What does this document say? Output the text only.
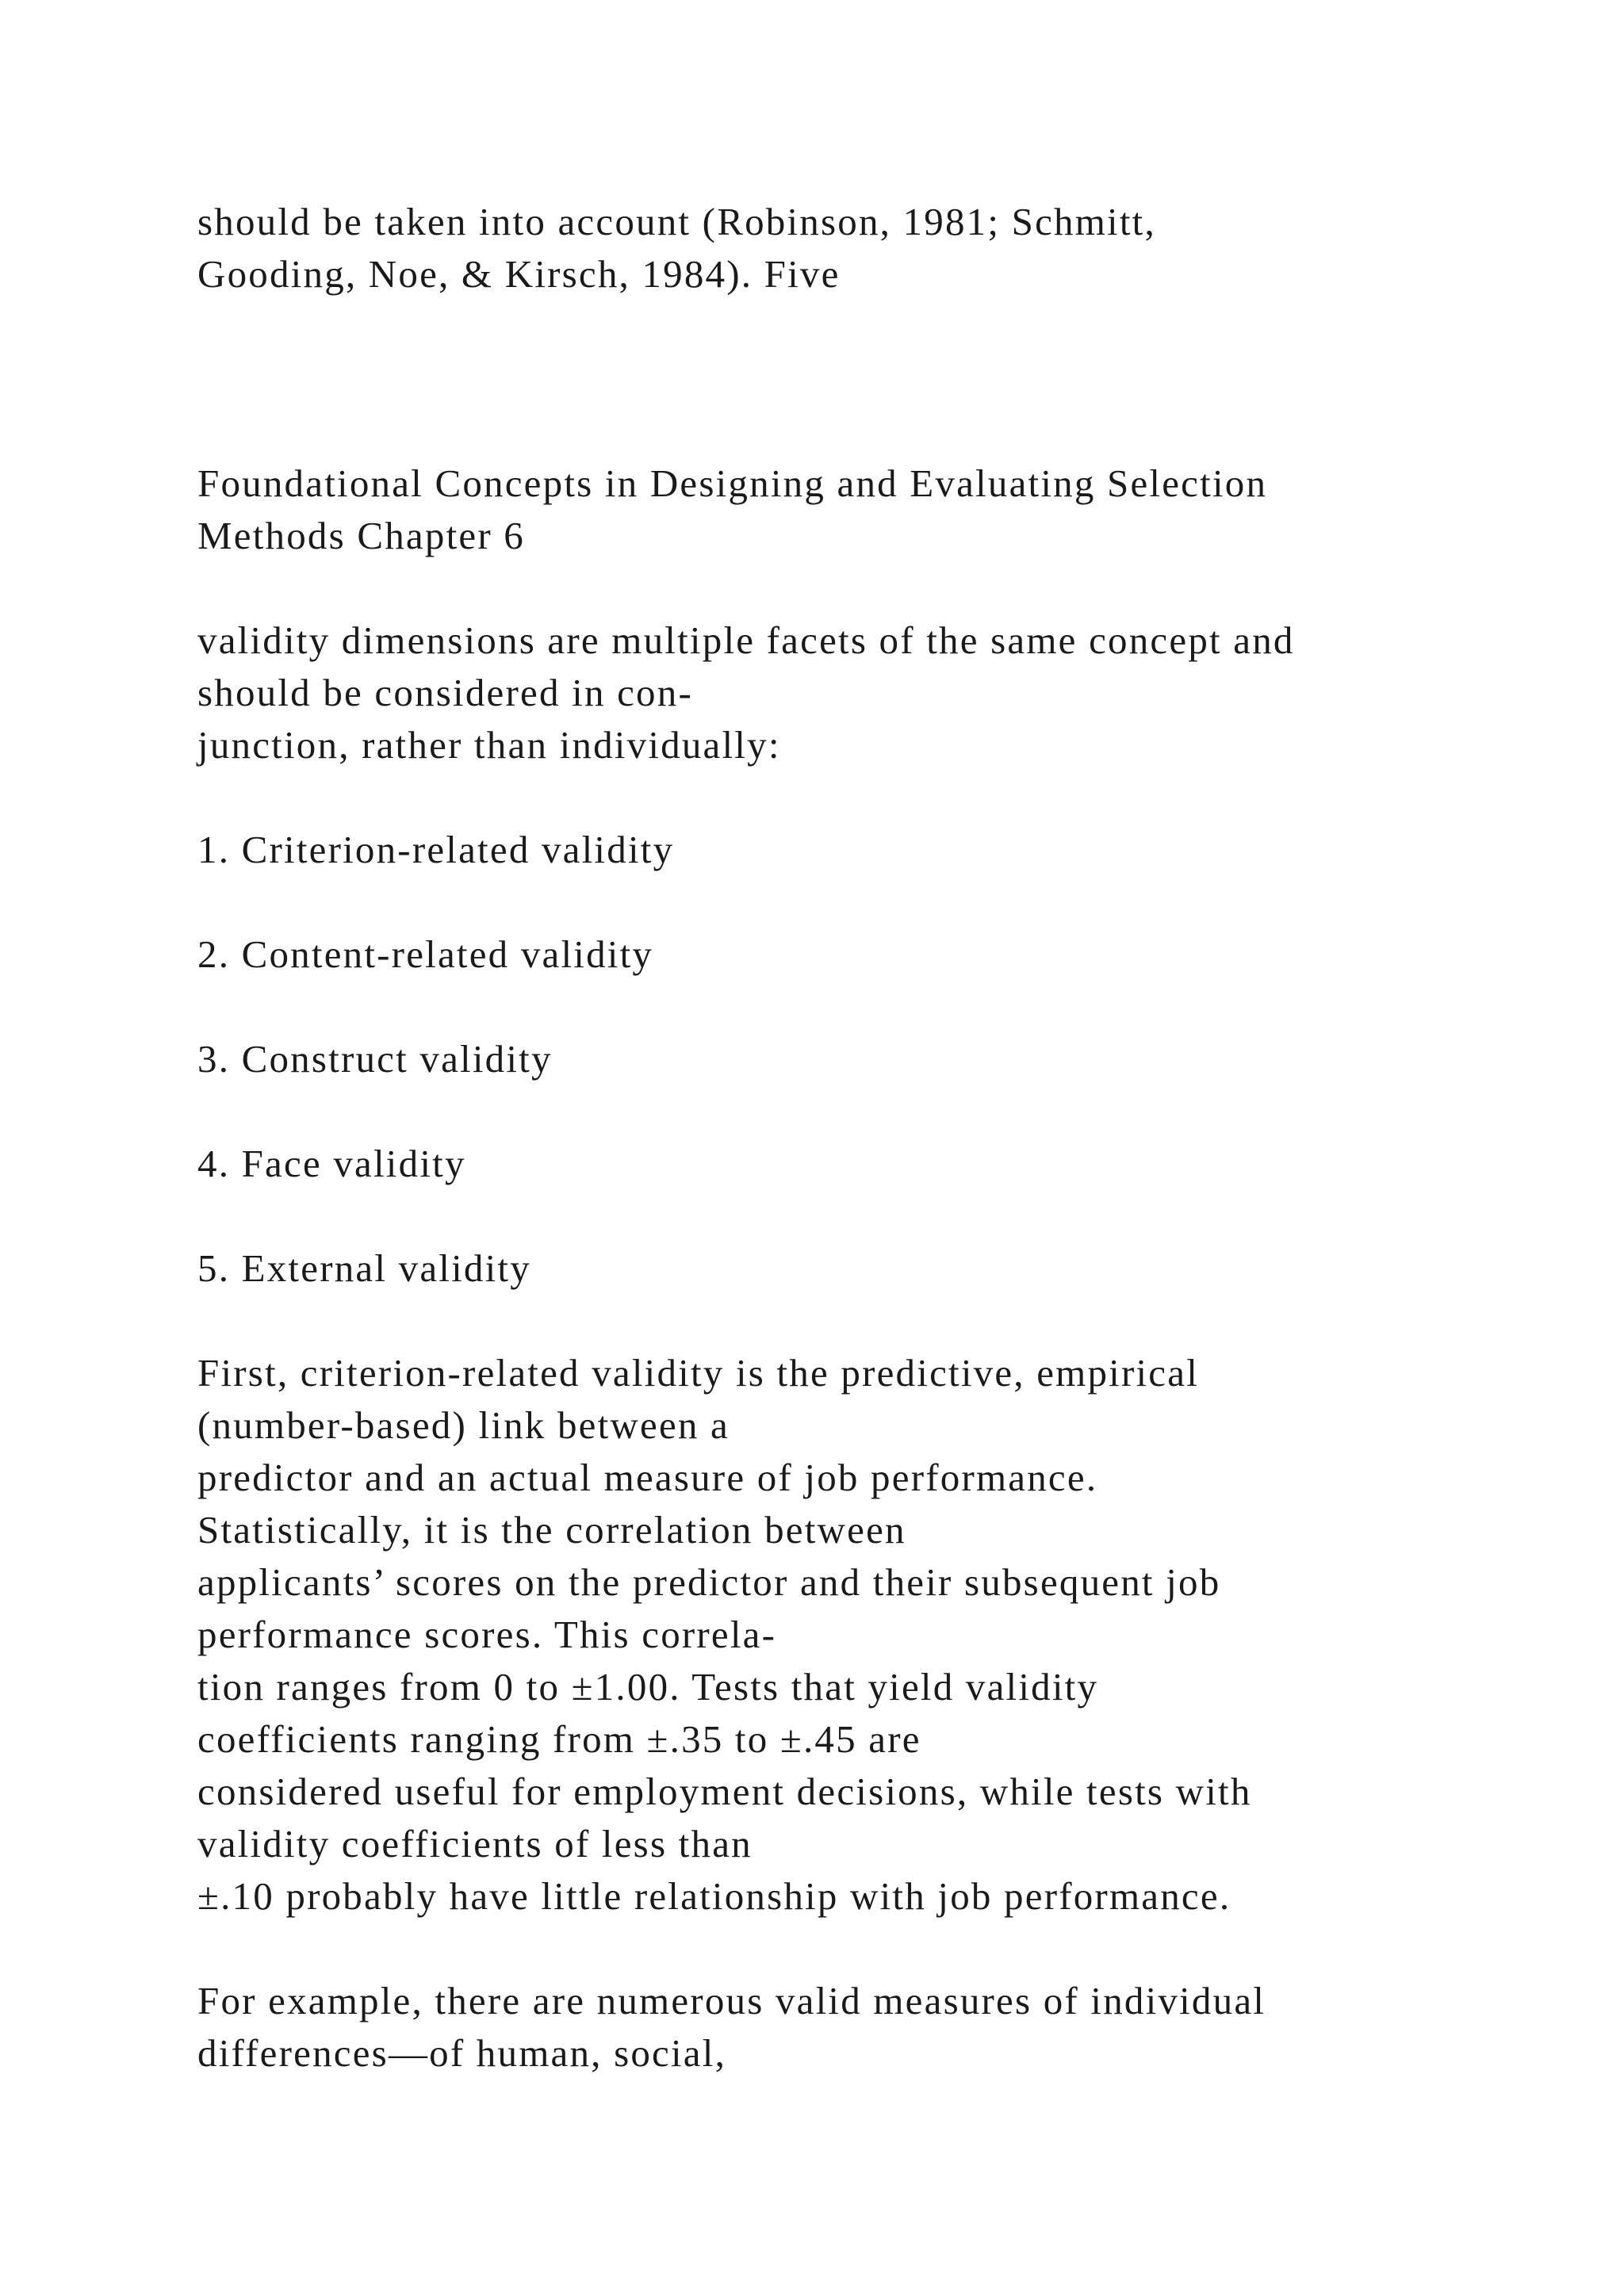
should be taken into account (Robinson, 1981; Schmitt,
Gooding, Noe, & Kirsch, 1984). Five
Foundational Concepts in Designing and Evaluating Selection
Methods Chapter 6
validity dimensions are multiple facets of the same concept and
should be considered in con-
junction, rather than individually:
1. Criterion-related validity
2. Content-related validity
3. Construct validity
4. Face validity
5. External validity
First, criterion-related validity is the predictive, empirical
(number-based) link between a
predictor and an actual measure of job performance.
Statistically, it is the correlation between
applicants’ scores on the predictor and their subsequent job
performance scores. This correla-
tion ranges from 0 to ±1.00. Tests that yield validity
coefficients ranging from ±.35 to ±.45 are
considered useful for employment decisions, while tests with
validity coefficients of less than
±.10 probably have little relationship with job performance.
For example, there are numerous valid measures of individual
differences—of human, social,
